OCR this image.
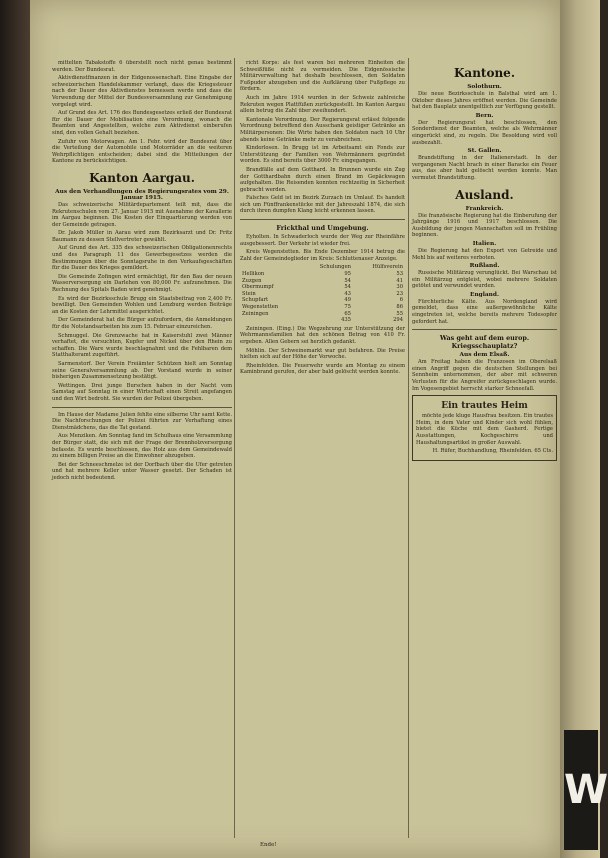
mittelten Tabakstoffe 6 überstellt noch nicht genau bestimmt werden. Der Bundesrat.

Aktivdienstfinanzen in der Eidgenossenschaft. Eine Eingabe der schweizerischen Handelskammer verlangt, dass die Kriegssteuer nach der Dauer des Aktivdienstes bemessen werde und dass die Verwendung der Mittel der Bundesversammlung zur Genehmigung vorgelegt wird.

Auf Grund des Art. 176 des Bundesgesetzes erließ der Bundesrat für die Dauer der Mobilisation eine Verordnung, wonach die Beamten und Angestellten, welche zum Aktivdienst einberufen sind, den vollen Gehalt beziehen.

Zufuhr von Motorwagen. Am 1. Febr. wird der Bundesrat über die Verteilung der Automobile und Motorräder an die weiteren Wehrpflichtigen entscheiden; dabei sind die Mitteilungen der Kantone zu berücksichtigen.

Kanton Aargau.
Aus den Verhandlungen des Regierungsrates vom 29. Januar 1915.

Das schweizerische Militärdepartement teilt mit, dass die Rekrutenschulen vom 27. Januar 1915 mit Ausnahme der Kavallerie im Aargau beginnen. Die Kosten der Einquartierung werden von der Gemeinde getragen.

Dr. Jakob Müller in Aarau wird zum Bezirksarzt und Dr. Fritz Baumann zu dessen Stellvertreter gewählt.

Auf Grund des Art. 335 des schweizerischen Obligationenrechts und des Paragraph 11 des Gewerbegesetzes werden die Bestimmungen über die Sonntagsruhe in den Verkaufsgeschäften für die Dauer des Krieges gemildert.

Die Gemeinde Zofingen wird ermächtigt, für den Bau der neuen Wasserversorgung ein Darlehen von 80,000 Fr. aufzunehmen. Die Rechnung des Spitals Baden wird genehmigt.

Es wird der Bezirksschule Brugg ein Staatsbeitrag von 2,400 Fr. bewilligt. Den Gemeinden Wohlen und Lenzburg werden Beiträge an die Kosten der Lehrmittel ausgerichtet.

Der Gemeinderat hat die Bürger aufzufordern, die Anmeldungen für die Notstandsarbeiten bis zum 15. Februar einzureichen.

Schmuggel. Die Grenzwache hat in Kaiserstuhl zwei Männer verhaftet, die versuchten, Kupfer und Nickel über den Rhein zu schaffen. Die Ware wurde beschlagnahmt und die Fehlbaren dem Statthalteramt zugeführt.

Sarmenstorf. Der Verein Freiämter Schützen hielt am Sonntag seine Generalversammlung ab. Der Vorstand wurde in seiner bisherigen Zusammensetzung bestätigt.

Wettingen. Drei junge Burschen haben in der Nacht vom Samstag auf Sonntag in einer Wirtschaft einen Streit angefangen und den Wirt bedroht. Sie wurden der Polizei übergeben.

Im Hause der Madame Julien fehlte eine silberne Uhr samt Kette. Die Nachforschungen der Polizei führten zur Verhaftung eines Dienstmädchens, das die Tat gestand.

Aus Menziken. Am Sonntag fand im Schulhaus eine Versammlung der Bürger statt, die sich mit der Frage der Brennholzversorgung befasste. Es wurde beschlossen, das Holz aus dem Gemeindewald zu einem billigen Preise an die Einwohner abzugeben.

Bei der Schneeschmelze ist der Dorfbach über die Ufer getreten und hat mehrere Keller unter Wasser gesetzt. Der Schaden ist jedoch nicht bedeutend.

richt Korps: als fest waren bei mehreren Einheiten die Schweißfüße nicht zu vermeiden. Die Eidgenössische Militärverwaltung hat deshalb beschlossen, den Soldaten Fußpuder abzugeben und die Aufklärung über Fußpflege zu fördern.

Auch im Jahre 1914 wurden in der Schweiz zahlreiche Rekruten wegen Plattfüßen zurückgestellt. Im Kanton Aargau allein betrug die Zahl über zweihundert.

Kantonale Verordnung. Der Regierungsrat erlässt folgende Verordnung betreffend den Ausschank geistiger Getränke an Militärpersonen: Die Wirte haben den Soldaten nach 10 Uhr abends keine Getränke mehr zu verabreichen.

Kinderlosen. In Brugg ist im Arbeitsamt ein Fonds zur Unterstützung der Familien von Wehrmännern gegründet worden. Es sind bereits über 3000 Fr. eingegangen.

Brandfälle auf dem Gotthard. In Brunnen wurde ein Zug der Gotthardbahn durch einen Brand im Gepäckwagen aufgehalten. Die Reisenden konnten rechtzeitig in Sicherheit gebracht werden.

Falsches Geld ist im Bezirk Zurzach im Umlauf. Es handelt sich um Fünffrankenstücke mit der Jahreszahl 1874, die sich durch ihren dumpfen Klang leicht erkennen lassen.

Frickthal und Umgebung.

Eyholten. In Schwaderloch wurde der Weg zur Rheinfähre ausgebessert. Der Verkehr ist wieder frei.

Kreis Wegenstetten. Bis Ende Dezember 1914 betrug die Zahl der Gemeindeglieder im Kreis: Schluttenauer Anzeige.

	Schulungen	Hülfsverein
Hellikon	95	53
Zuzgen	54	41
Obermumpf	54	30
Stein	43	23
Schupfart	49	6
Wegenstetten	75	86
Zeiningen	65	55
	435	294

Zeiningen. (Eing.) Die Wegzehrung zur Unterstützung der Wehrmannsfamilien hat den schönen Betrag von 410 Fr. ergeben. Allen Gebern sei herzlich gedankt.

Möhlin. Der Schweinemarkt war gut befahren. Die Preise hielten sich auf der Höhe der Vorwoche.

Rheinfelden. Die Feuerwehr wurde am Montag zu einem Kaminbrand gerufen, der aber bald gelöscht werden konnte.

Kantone.
Solothurn.

Die neue Bezirksschule in Balsthal wird am 1. Oktober dieses Jahres eröffnet werden. Die Gemeinde hat den Bauplatz unentgeltlich zur Verfügung gestellt.

Bern.

Der Regierungsrat hat beschlossen, den Sonderdienst der Beamten, welche als Wehrmänner eingerückt sind, zu regeln. Die Besoldung wird voll ausbezahlt.

St. Gallen.

Brandstiftung in der Italienerstadt. In der vergangenen Nacht brach in einer Baracke ein Feuer aus, das aber bald gelöscht werden konnte. Man vermutet Brandstiftung.

Ausland.
Frankreich.

Die französische Regierung hat die Einberufung der Jahrgänge 1916 und 1917 beschlossen. Die Ausbildung der jungen Mannschaften soll im Frühling beginnen.

Italien.

Die Regierung hat den Export von Getreide und Mehl bis auf weiteres verboten.

Rußland.

Russische Militärzug verunglückt. Bei Warschau ist ein Militärzug entgleist, wobei mehrere Soldaten getötet und verwundet wurden.

England.

Fürchterliche Kälte. Aus Nordengland wird gemeldet, dass eine außergewöhnliche Kälte eingetreten ist, welche bereits mehrere Todesopfer gefordert hat.

Was geht auf dem europ. Kriegsschauplatz?
Aus dem Elsaß.

Am Freitag haben die Franzosen im Oberelsaß einen Angriff gegen die deutschen Stellungen bei Sennheim unternommen, der aber mit schweren Verlusten für die Angreifer zurückgeschlagen wurde. Im Vogesengebiet herrscht starker Schneefall.

Ein trautes Heim

möchte jede kluge Hausfrau besitzen. Ein trautes Heim, in dem Vater und Kinder sich wohl fühlen, bietet die Küche mit dem Gasherd. Fertige Ausstattungen, Kochgeschirre und Haushaltungsartikel in großer Auswahl.

H. Rüfer, Buchhandlung, Rheinfelden. 65 Cts.

Ende!
W
